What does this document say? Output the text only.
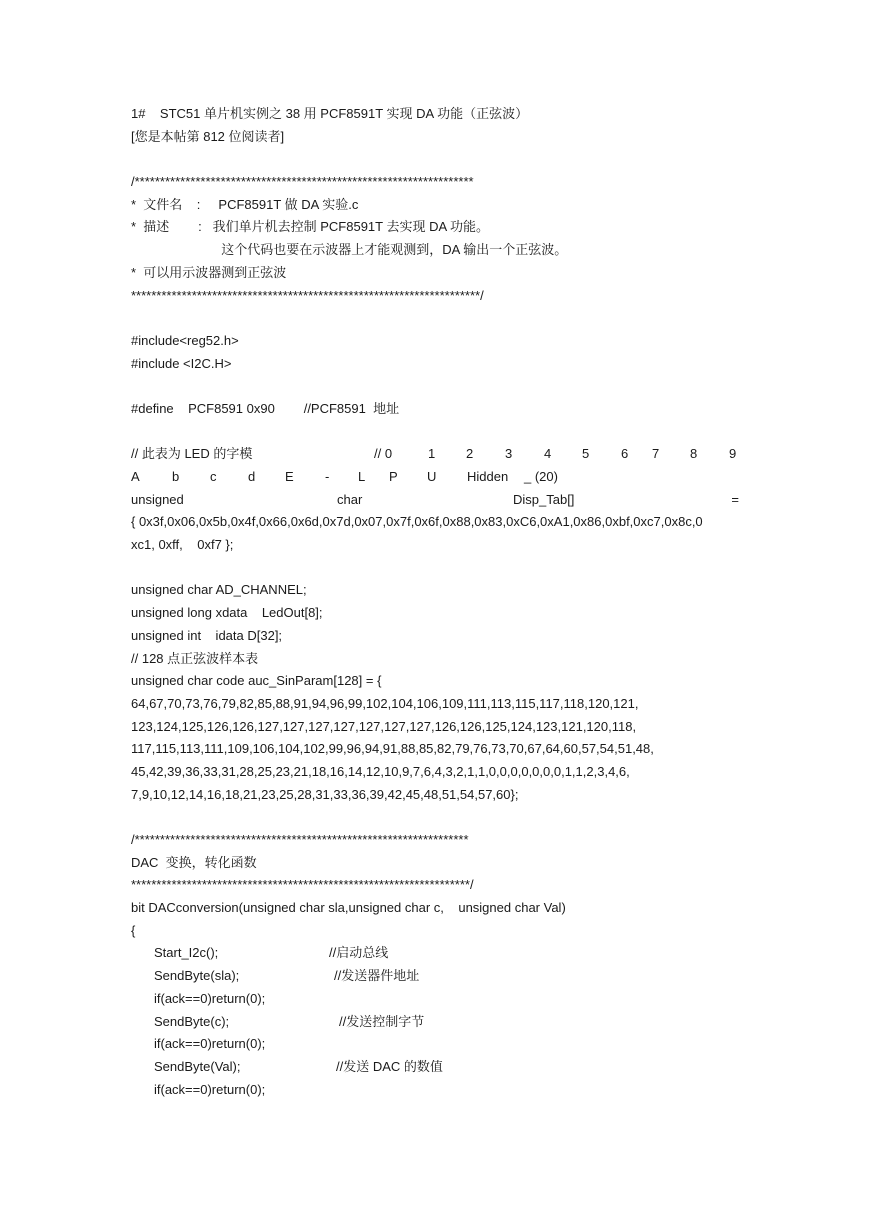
1#    STC51 单片机实例之 38 用 PCF8591T 实现 DA 功能（正弦波）
[您是本帖第 812 位阅读者]
/*******************************************************************
*  文件名    :     PCF8591T 做 DA 实验.c
*  描述        :   我们单片机去控制 PCF8591T 去实现 DA 功能。
这个代码也要在示波器上才能观测到，DA 输出一个正弦波。
*  可以用示波器测到正弦波
*********************************************************************/
#include<reg52.h>
#include <I2C.H>
#define    PCF8591 0x90        //PCF8591  地址
// 此表为 LED 的字模	// 0	1 2 3 4 5 6 7 8 9
A b c d E - L P U Hidden _ (20)
unsigned	char	Disp_Tab[]	=
{ 0x3f,0x06,0x5b,0x4f,0x66,0x6d,0x7d,0x07,0x7f,0x6f,0x88,0x83,0xC6,0xA1,0x86,0xbf,0xc7,0x8c,0
xc1, 0xff,    0xf7 };
unsigned char AD_CHANNEL;
unsigned long xdata    LedOut[8];
unsigned int    idata D[32];
// 128 点正弦波样本表
unsigned char code auc_SinParam[128] = {
64,67,70,73,76,79,82,85,88,91,94,96,99,102,104,106,109,111,113,115,117,118,120,121,
123,124,125,126,126,127,127,127,127,127,127,127,126,126,125,124,123,121,120,118,
117,115,113,111,109,106,104,102,99,96,94,91,88,85,82,79,76,73,70,67,64,60,57,54,51,48,
45,42,39,36,33,31,28,25,23,21,18,16,14,12,10,9,7,6,4,3,2,1,1,0,0,0,0,0,0,0,1,1,2,3,4,6,
7,9,10,12,14,16,18,21,23,25,28,31,33,36,39,42,45,48,51,54,57,60};
/******************************************************************
DAC  变换，转化函数
*******************************************************************/
bit DACconversion(unsigned char sla,unsigned char c,    unsigned char Val)
{
Start_I2c();	//启动总线
SendByte(sla);	//发送器件地址
if(ack==0)return(0);
SendByte(c);	//发送控制字节
if(ack==0)return(0);
SendByte(Val);	//发送 DAC 的数值
if(ack==0)return(0);
